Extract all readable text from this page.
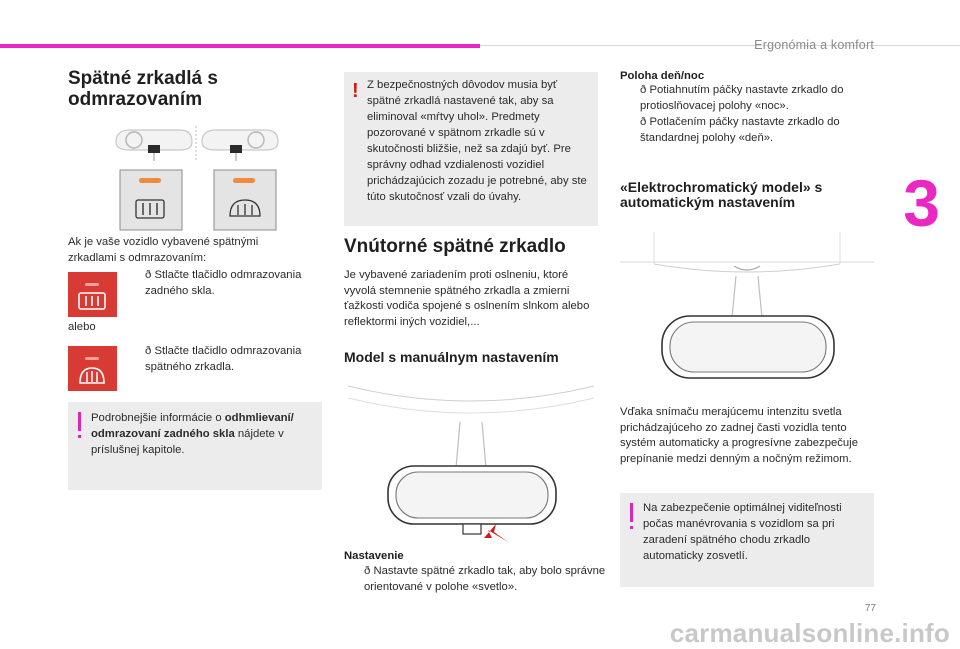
Ergonómia a komfort
3
77
carmanualsonline.info
Spätné zrkadlá s odmrazovaním
Ak je vaše vozidlo vybavené spätnými zrkadlami s odmrazovaním:
ð Stlačte tlačidlo odmrazovania zadného skla.
alebo
ð Stlačte tlačidlo odmrazovania spätného zrkadla.
Podrobnejšie informácie o odhmlievaní/ odmrazovaní zadného skla nájdete v príslušnej kapitole.
! Z bezpečnostných dôvodov musia byť spätné zrkadlá nastavené tak, aby sa eliminoval «mŕtvy uhol». Predmety pozorované v spätnom zrkadle sú v skutočnosti bližšie, než sa zdajú byť. Pre správny odhad vzdialenosti vozidiel prichádzajúcich zozadu je potrebné, aby ste túto skutočnosť vzali do úvahy.
Vnútorné spätné zrkadlo
Je vybavené zariadením proti oslneniu, ktoré vyvolá stemnenie spätného zrkadla a zmierni ťažkosti vodiča spojené s oslnením slnkom alebo reflektormi iných vozidiel,...
Model s manuálnym nastavením
Nastavenie
ð Nastavte spätné zrkadlo tak, aby bolo správne orientované v polohe «svetlo».
Poloha deň/noc
ð Potiahnutím páčky nastavte zrkadlo do protioslňovacej polohy «noc».
ð Potlačením páčky nastavte zrkadlo do štandardnej polohy «deň».
«Elektrochromatický model» s automatickým nastavením
Vďaka snímaču merajúcemu intenzitu svetla prichádzajúceho zo zadnej časti vozidla tento systém automaticky a progresívne zabezpečuje prepínanie medzi denným a nočným režimom.
Na zabezpečenie optimálnej viditeľnosti počas manévrovania s vozidlom sa pri zaradení spätného chodu zrkadlo automaticky zosvetlí.
